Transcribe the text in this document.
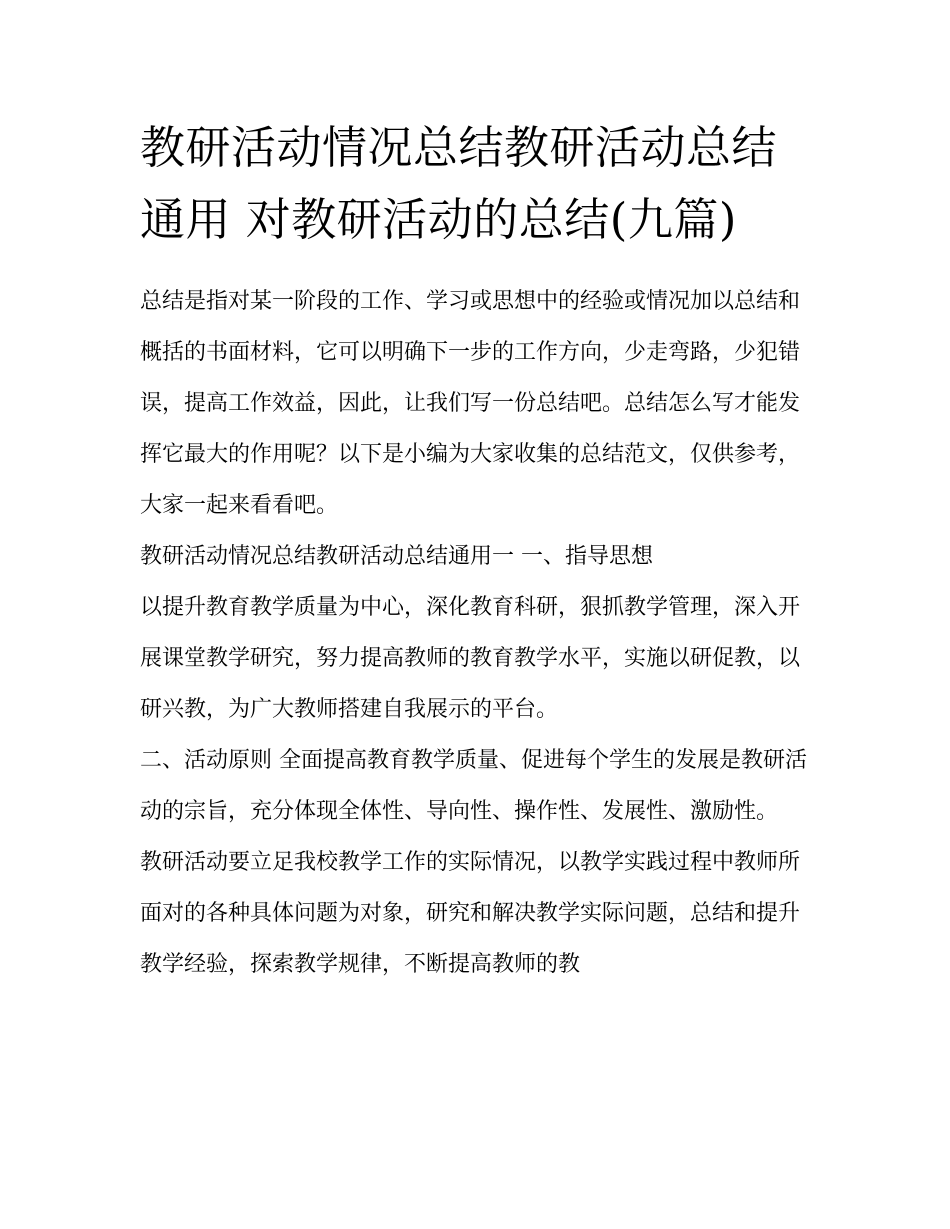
教研活动情况总结教研活动总结通用 对教研活动的总结(九篇)

总结是指对某一阶段的工作、学习或思想中的经验或情况加以总结和概括的书面材料，它可以明确下一步的工作方向，少走弯路，少犯错误，提高工作效益，因此，让我们写一份总结吧。总结怎么写才能发挥它最大的作用呢？以下是小编为大家收集的总结范文，仅供参考，大家一起来看看吧。

教研活动情况总结教研活动总结通用一 一、指导思想

以提升教育教学质量为中心，深化教育科研，狠抓教学管理，深入开展课堂教学研究，努力提高教师的教育教学水平，实施以研促教，以研兴教，为广大教师搭建自我展示的平台。

二、活动原则 全面提高教育教学质量、促进每个学生的发展是教研活动的宗旨，充分体现全体性、导向性、操作性、发展性、激励性。

教研活动要立足我校教学工作的实际情况，以教学实践过程中教师所面对的各种具体问题为对象，研究和解决教学实际问题，总结和提升教学经验，探索教学规律，不断提高教师的教
